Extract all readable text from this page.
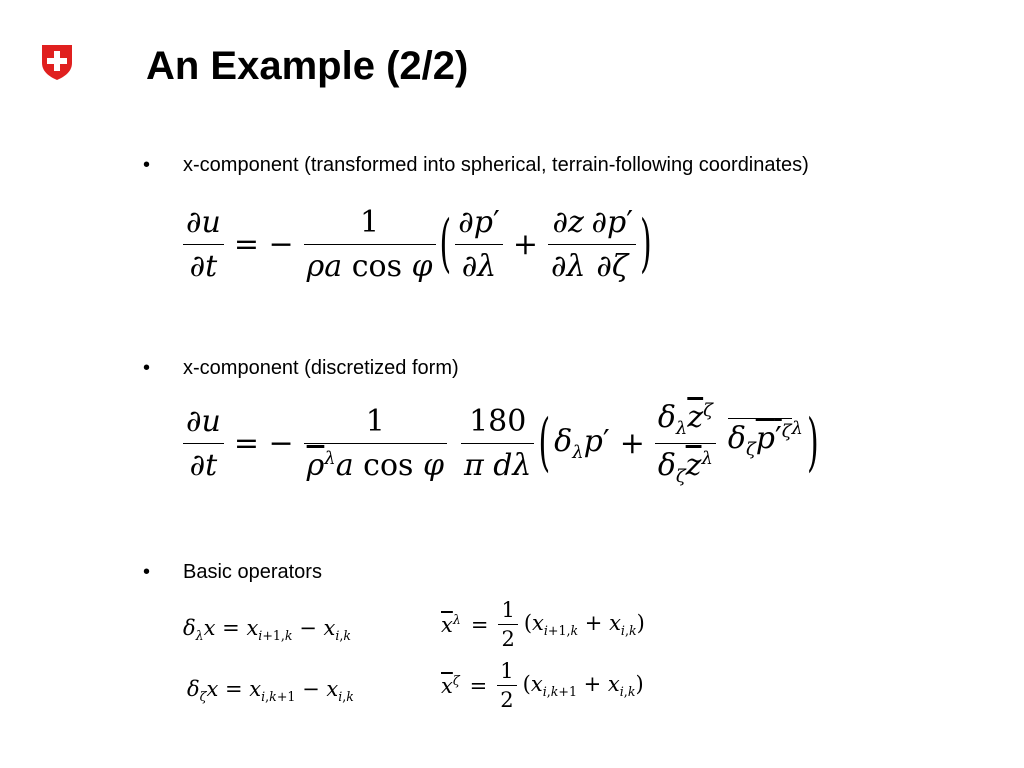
An Example (2/2)
• x-component (transformed into spherical, terrain-following coordinates)
$\frac{\partial u}{\partial t}$ = − $\frac{1}{\text{ρa cos φ}}$ ( $\frac{\partial p'}{\partial\lambda} + \frac{\partial z}{\partial\lambda} \frac{\partial p'}{\partial\zeta}$ )
• x-component (discretized form)
$\frac{\partial u}{\partial t}$ = − $\frac{1}{\overline{\rho}^\lambda a \cos \varphi} \frac{180}{\text{π dλ}}$ ( $\delta_\lambda p' + \frac{\delta_\lambda\overline{z}^\zeta}{\delta_\zeta\overline{z}^\lambda} \delta_\zeta p'^\zeta$ $^\lambda$ )
• Basic operators
$\delta_\lambda x = x_{i+1,k} - x_{i,k}$	$\overline{x}^\lambda = \frac{1}{2} (x_{i+1,k} + x_{i,k})$
$\delta_\zeta x = x_{i,k+1} - x_{i,k}$	$\overline{x}^\zeta = \frac{1}{2} (x_{i,k+1} + x_{i,k})$
